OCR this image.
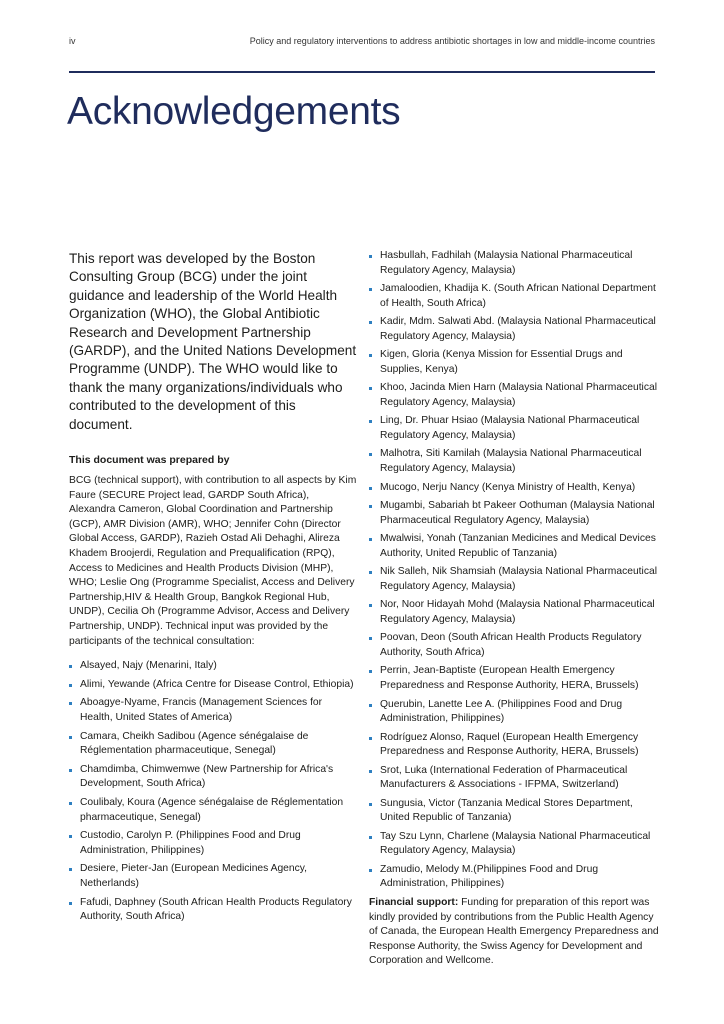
iv	Policy and regulatory interventions to address antibiotic shortages in low and middle-income countries
Acknowledgements

This report was developed by the Boston Consulting Group (BCG) under the joint guidance and leadership of the World Health Organization (WHO), the Global Antibiotic Research and Development Partnership (GARDP), and the United Nations Development Programme (UNDP). The WHO would like to thank the many organizations/individuals who contributed to the development of this document.

This document was prepared by

BCG (technical support), with contribution to all aspects by Kim Faure (SECURE Project lead, GARDP South Africa), Alexandra Cameron, Global Coordination and Partnership (GCP), AMR Division (AMR), WHO; Jennifer Cohn (Director Global Access, GARDP), Razieh Ostad Ali Dehaghi, Alireza Khadem Broojerdi, Regulation and Prequalification (RPQ), Access to Medicines and Health Products Division (MHP), WHO; Leslie Ong (Programme Specialist, Access and Delivery Partnership,HIV & Health Group, Bangkok Regional Hub, UNDP), Cecilia Oh (Programme Advisor, Access and Delivery Partnership, UNDP). Technical input was provided by the participants of the technical consultation:

Alsayed, Najy (Menarini, Italy)
Alimi, Yewande (Africa Centre for Disease Control, Ethiopia)
Aboagye-Nyame, Francis (Management Sciences for Health, United States of America)
Camara, Cheikh Sadibou (Agence sénégalaise de Réglementation pharmaceutique, Senegal)
Chamdimba, Chimwemwe (New Partnership for Africa's Development, South Africa)
Coulibaly, Koura (Agence sénégalaise de Réglementation pharmaceutique, Senegal)
Custodio, Carolyn P. (Philippines Food and Drug Administration, Philippines)
Desiere, Pieter-Jan (European Medicines Agency, Netherlands)
Fafudi, Daphney (South African Health Products Regulatory Authority, South Africa)
Hasbullah, Fadhilah (Malaysia National Pharmaceutical Regulatory Agency, Malaysia)
Jamaloodien, Khadija K. (South African National Department of Health, South Africa)
Kadir, Mdm. Salwati Abd. (Malaysia National Pharmaceutical Regulatory Agency, Malaysia)
Kigen, Gloria (Kenya Mission for Essential Drugs and Supplies, Kenya)
Khoo, Jacinda Mien Harn (Malaysia National Pharmaceutical Regulatory Agency, Malaysia)
Ling, Dr. Phuar Hsiao (Malaysia National Pharmaceutical Regulatory Agency, Malaysia)
Malhotra, Siti Kamilah (Malaysia National Pharmaceutical Regulatory Agency, Malaysia)
Mucogo, Nerju Nancy (Kenya Ministry of Health, Kenya)
Mugambi, Sabariah bt Pakeer Oothuman (Malaysia National Pharmaceutical Regulatory Agency, Malaysia)
Mwalwisi, Yonah (Tanzanian Medicines and Medical Devices Authority, United Republic of Tanzania)
Nik Salleh, Nik Shamsiah (Malaysia National Pharmaceutical Regulatory Agency, Malaysia)
Nor, Noor Hidayah Mohd (Malaysia National Pharmaceutical Regulatory Agency, Malaysia)
Poovan, Deon (South African Health Products Regulatory Authority, South Africa)
Perrin, Jean-Baptiste (European Health Emergency Preparedness and Response Authority, HERA, Brussels)
Querubin, Lanette Lee A. (Philippines Food and Drug Administration, Philippines)
Rodríguez Alonso, Raquel (European Health Emergency Preparedness and Response Authority, HERA, Brussels)
Srot, Luka (International Federation of Pharmaceutical Manufacturers & Associations - IFPMA, Switzerland)
Sungusia, Victor (Tanzania Medical Stores Department, United Republic of Tanzania)
Tay Szu Lynn, Charlene (Malaysia National Pharmaceutical Regulatory Agency, Malaysia)
Zamudio, Melody M.(Philippines Food and Drug Administration, Philippines)

Financial support: Funding for preparation of this report was kindly provided by contributions from the Public Health Agency of Canada, the European Health Emergency Preparedness and Response Authority, the Swiss Agency for Development and Corporation and Wellcome.
